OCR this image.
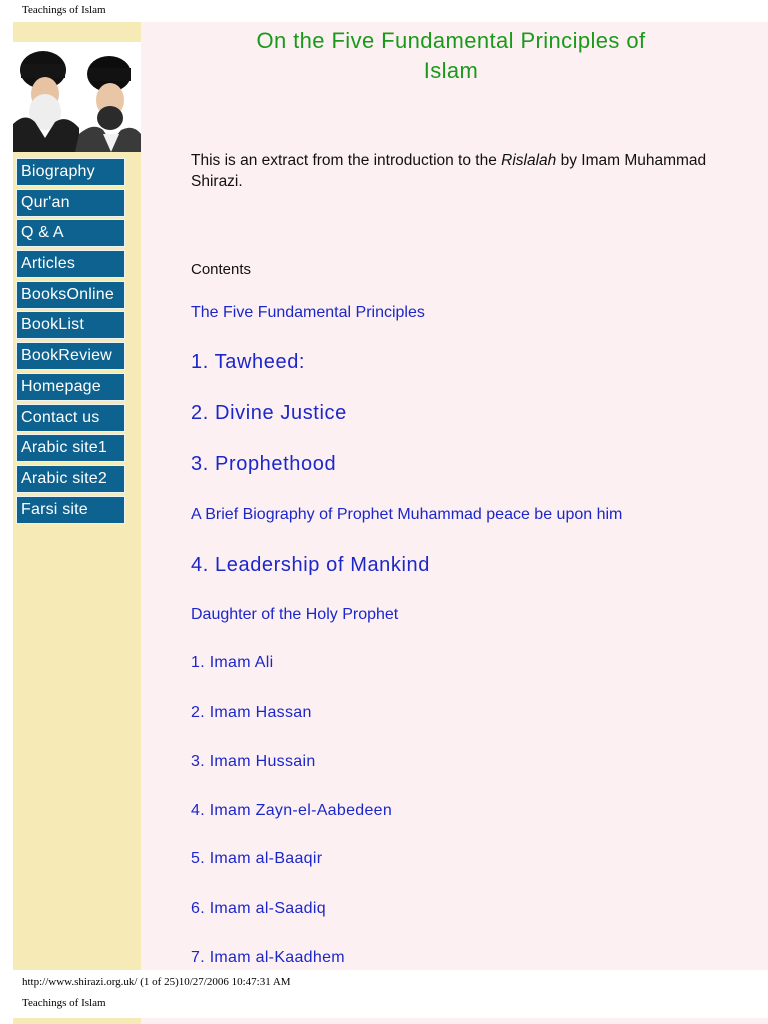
Teachings of Islam
Biography
Qur'an
Q & A
Articles
BooksOnline
BookList
BookReview
Homepage
Contact us
Arabic site1
Arabic site2
Farsi site
On the Five Fundamental Principles of
Islam

This is an extract from the introduction to the Rislalah by Imam Muhammad Shirazi.

Contents
The Five Fundamental Principles
1. Tawheed:
2. Divine Justice
3. Prophethood
A Brief Biography of Prophet Muhammad peace be upon him
4. Leadership of Mankind
Daughter of the Holy Prophet
1. Imam Ali
2. Imam Hassan
3. Imam Hussain
4. Imam Zayn-el-Aabedeen
5. Imam al-Baaqir
6. Imam al-Saadiq
7. Imam al-Kaadhem
http://www.shirazi.org.uk/ (1 of 25)10/27/2006 10:47:31 AM
Teachings of Islam
